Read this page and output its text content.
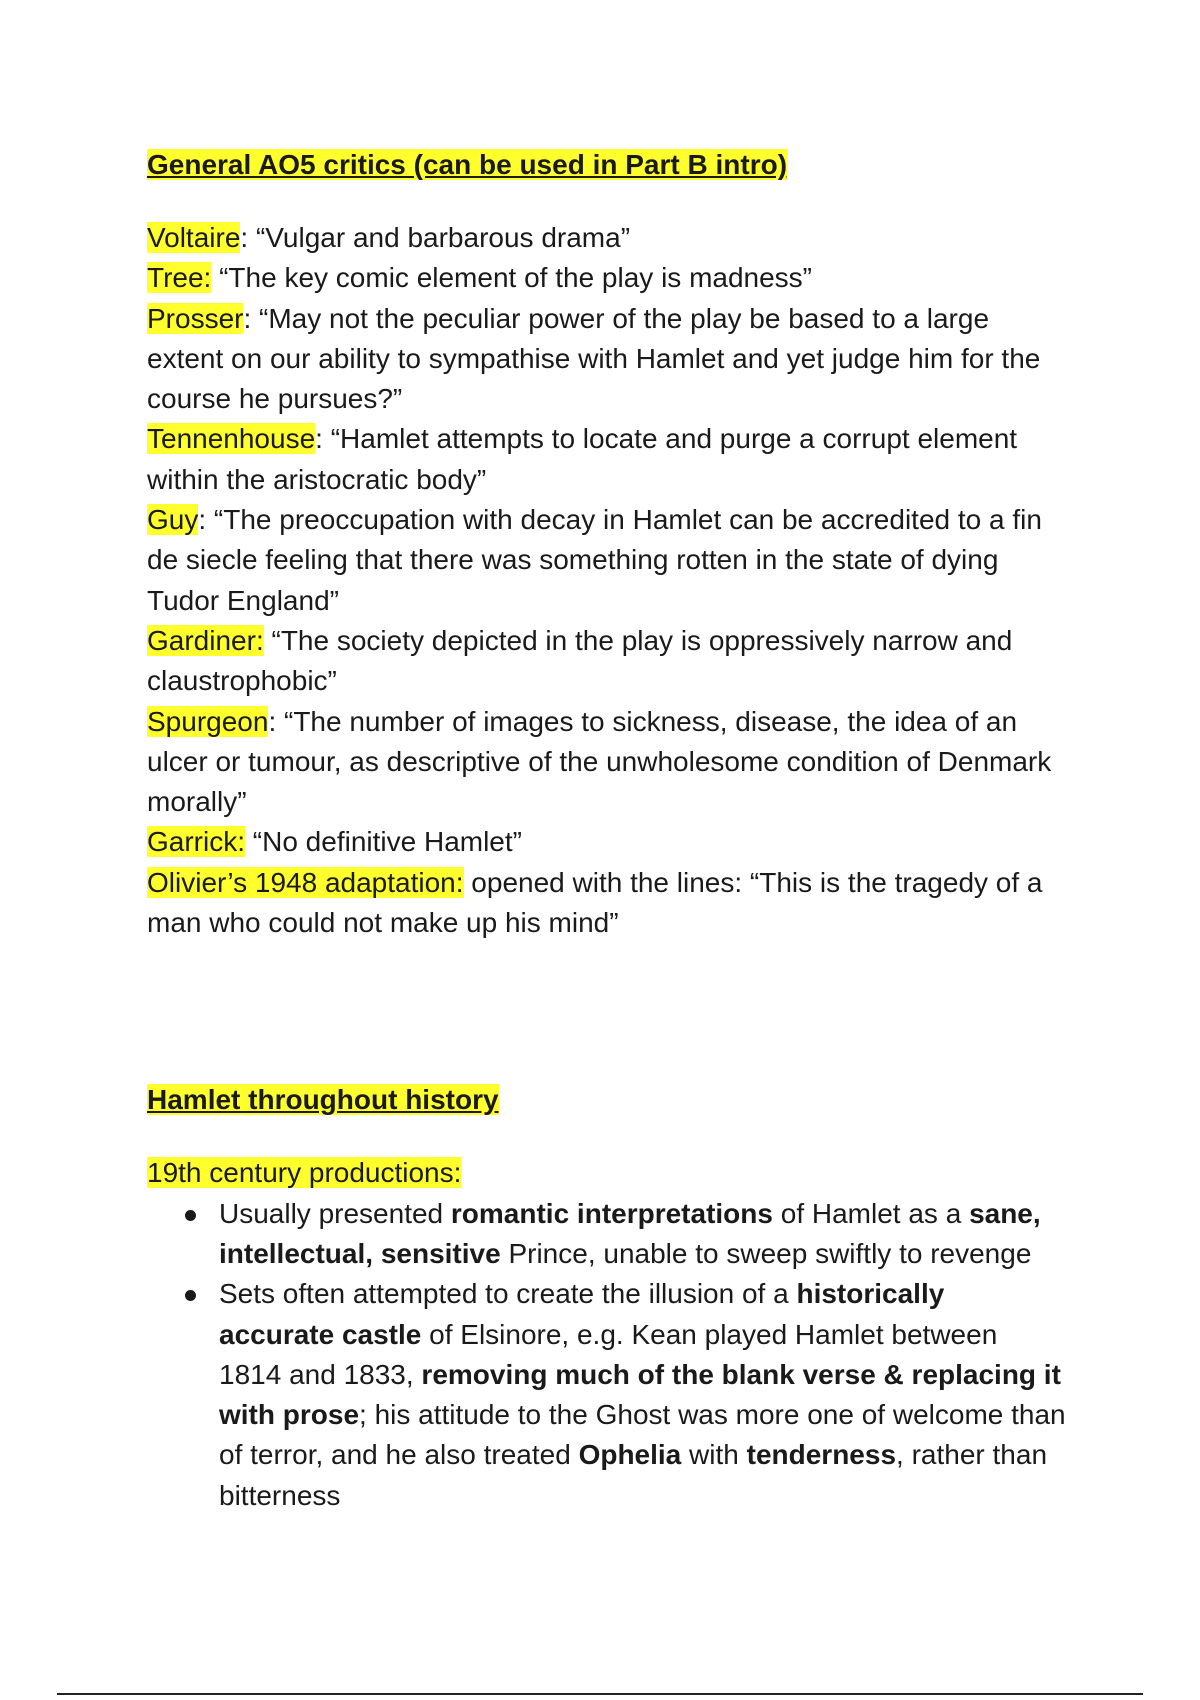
General AO5 critics (can be used in Part B intro)

Voltaire: “Vulgar and barbarous drama”

Tree: “The key comic element of the play is madness”

Prosser: “May not the peculiar power of the play be based to a large extent on our ability to sympathise with Hamlet and yet judge him for the course he pursues?”

Tennenhouse: “Hamlet attempts to locate and purge a corrupt element within the aristocratic body”

Guy: “The preoccupation with decay in Hamlet can be accredited to a fin de siecle feeling that there was something rotten in the state of dying Tudor England”

Gardiner: “The society depicted in the play is oppressively narrow and claustrophobic”

Spurgeon: “The number of images to sickness, disease, the idea of an ulcer or tumour, as descriptive of the unwholesome condition of Denmark morally”

Garrick: “No definitive Hamlet”

Olivier’s 1948 adaptation: opened with the lines: “This is the tragedy of a man who could not make up his mind”

Hamlet throughout history

19th century productions:

Usually presented romantic interpretations of Hamlet as a sane, intellectual, sensitive Prince, unable to sweep swiftly to revenge
Sets often attempted to create the illusion of a historically accurate castle of Elsinore, e.g. Kean played Hamlet between 1814 and 1833, removing much of the blank verse & replacing it with prose; his attitude to the Ghost was more one of welcome than of terror, and he also treated Ophelia with tenderness, rather than bitterness
